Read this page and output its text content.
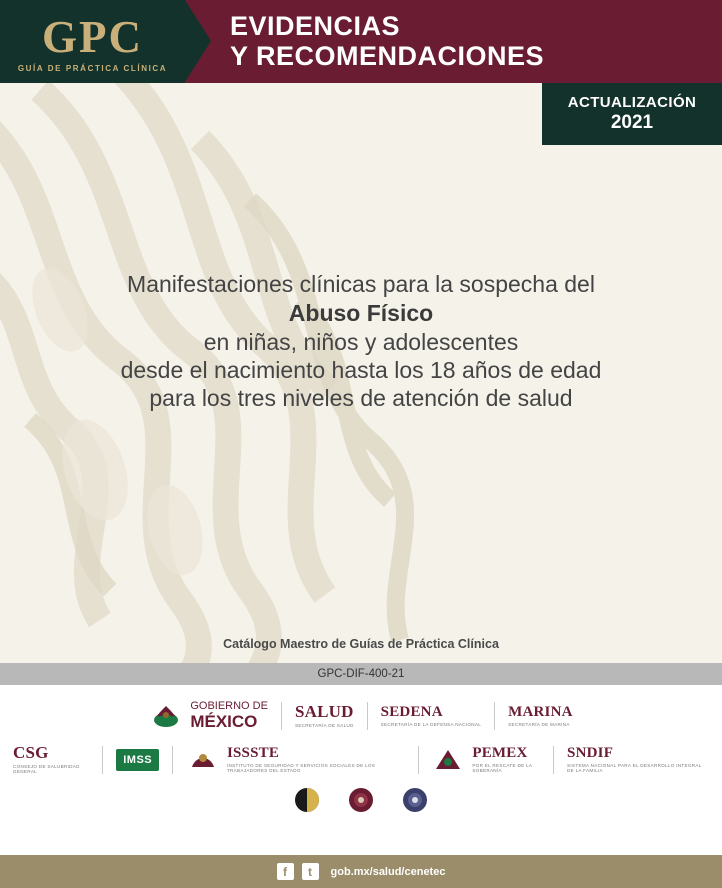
GPC
GUÍA DE PRÁCTICA CLÍNICA
EVIDENCIAS
Y RECOMENDACIONES
ACTUALIZACIÓN
2021
Manifestaciones clínicas para la sospecha del
Abuso Físico
en niñas, niños y adolescentes
desde el nacimiento hasta los 18 años de edad
para los tres niveles de atención de salud
Catálogo Maestro de Guías de Práctica Clínica
GPC-DIF-400-21
GOBIERNO DE
MÉXICO
SALUD
SECRETARÍA DE SALUD
SEDENA
SECRETARÍA DE LA DEFENSA NACIONAL
MARINA
SECRETARÍA DE MARINA
CSG
CONSEJO DE SALUBRIDAD GENERAL
IMSS	ISSSTE
INSTITUTO DE SEGURIDAD Y SERVICIOS SOCIALES DE LOS TRABAJADORES DEL ESTADO
PEMEX
POR EL RESCATE DE LA SOBERANÍA
SNDIF
SISTEMA NACIONAL PARA EL DESARROLLO INTEGRAL DE LA FAMILIA
f	t	gob.mx/salud/cenetec
